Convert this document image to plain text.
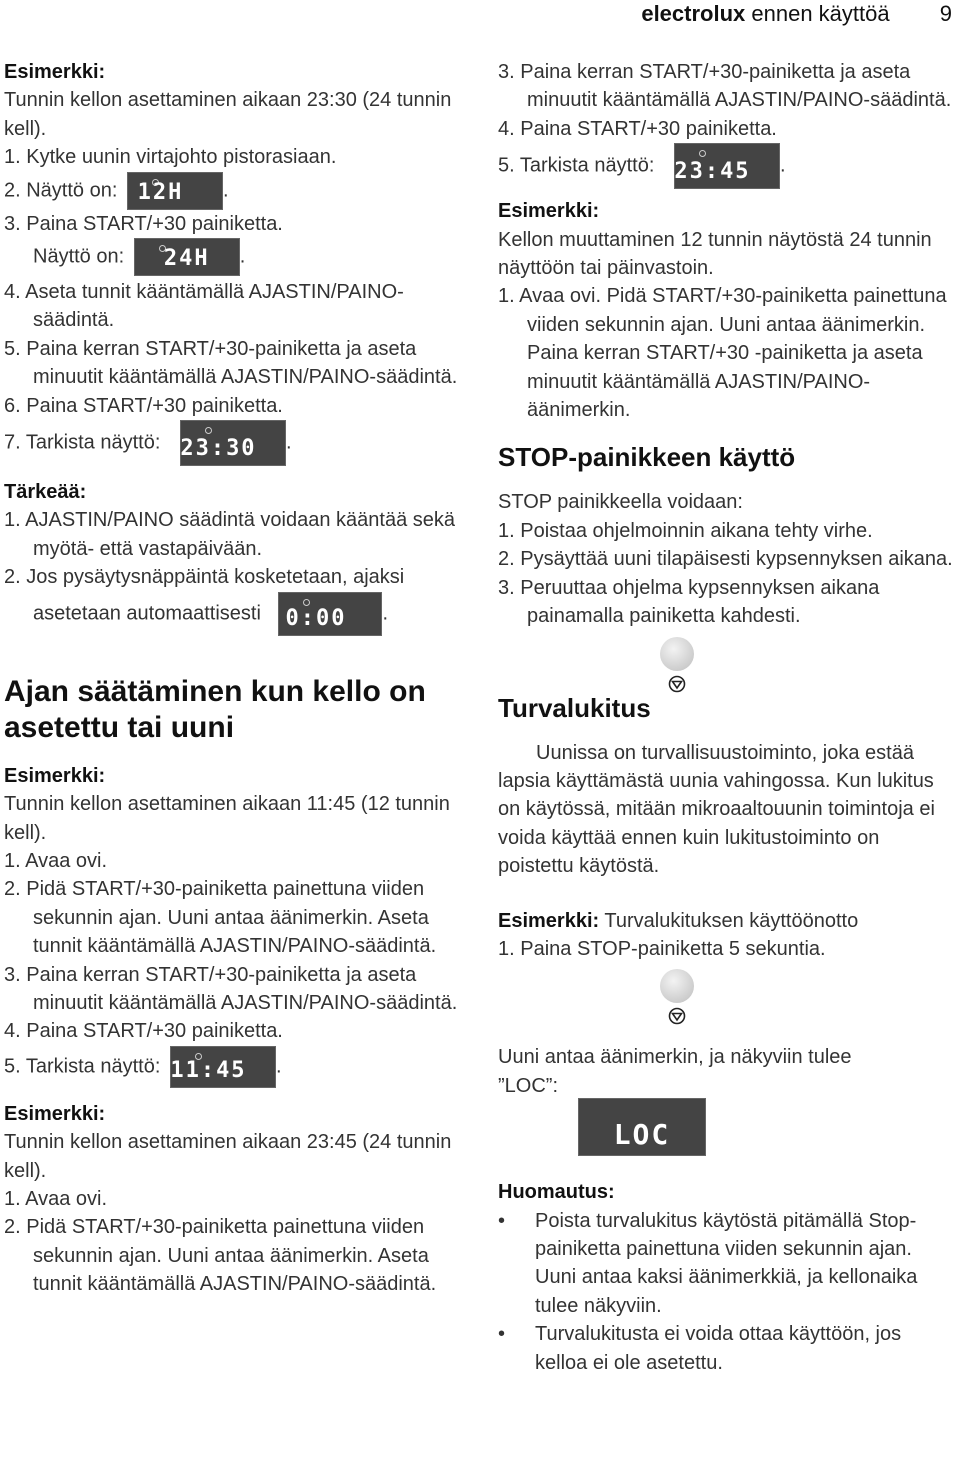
electrolux ennen käyttöä 9
Esimerkki:
Tunnin kellon asettaminen aikaan 23:30 (24 tunnin kell).
1. Kytke uunin virtajohto pistorasiaan.
2. Näyttö on: 12H	.
3. Paina START/+30 painiketta.
Näyttö on:	24H	.
4. Aseta tunnit kääntämällä AJASTIN/PAINO-säädintä.
5. Paina kerran START/+30-painiketta ja aseta minuutit kääntämällä AJASTIN/PAINO-säädintä.
6. Paina START/+30 painiketta.
7. Tarkista näyttö: 23:30	.
Tärkeää:
1. AJASTIN/PAINO säädintä voidaan kääntää sekä myötä- että vastapäivään.
2. Jos pysäytysnäppäintä kosketetaan, ajaksi asetetaan automaattisesti 0:00	.
Ajan säätäminen kun kello on asetettu tai uuni
Esimerkki:
Tunnin kellon asettaminen aikaan 11:45 (12 tunnin kell).
1. Avaa ovi.
2. Pidä START/+30-painiketta painettuna viiden sekunnin ajan. Uuni antaa äänimerkin. Aseta tunnit kääntämällä AJASTIN/PAINO-säädintä.
3. Paina kerran START/+30-painiketta ja aseta minuutit kääntämällä AJASTIN/PAINO-säädintä.
4. Paina START/+30 painiketta.
5. Tarkista näyttö: 11:45	.
Esimerkki:
Tunnin kellon asettaminen aikaan 23:45 (24 tunnin kell).
1. Avaa ovi.
2. Pidä START/+30-painiketta painettuna viiden sekunnin ajan. Uuni antaa äänimerkin. Aseta tunnit kääntämällä AJASTIN/PAINO-säädintä.
3. Paina kerran START/+30-painiketta ja aseta minuutit kääntämällä AJASTIN/PAINO-säädintä.
4. Paina START/+30 painiketta.
5. Tarkista näyttö: 23:45	.
Esimerkki:
Kellon muuttaminen 12 tunnin näytöstä 24 tunnin näyttöön tai päinvastoin.
1. Avaa ovi. Pidä START/+30-painiketta painettuna viiden sekunnin ajan. Uuni antaa äänimerkin. Paina kerran START/+30 -painiketta ja aseta minuutit kääntämällä AJASTIN/PAINO-äänimerkin.
STOP-painikkeen käyttö
STOP painikkeella voidaan:
1. Poistaa ohjelmoinnin aikana tehty virhe.
2. Pysäyttää uuni tilapäisesti kypsennyksen aikana.
3. Peruuttaa ohjelma kypsennyksen aikana painamalla painiketta kahdesti.
Turvalukitus
Uunissa on turvallisuustoiminto, joka estää lapsia käyttämästä uunia vahingossa. Kun lukitus on käytössä, mitään mikroaaltouunin toimintoja ei voida käyttää ennen kuin lukitustoiminto on poistettu käytöstä.
Esimerkki: Turvalukituksen käyttöönotto
1. Paina STOP-painiketta 5 sekuntia.
Uuni antaa äänimerkin, ja näkyviin tulee ”LOC”:
LOC
Huomautus:
• Poista turvalukitus käytöstä pitämällä Stop-painiketta painettuna viiden sekunnin ajan. Uuni antaa kaksi äänimerkkiä, ja kellonaika tulee näkyviin.
• Turvalukitusta ei voida ottaa käyttöön, jos kelloa ei ole asetettu.
